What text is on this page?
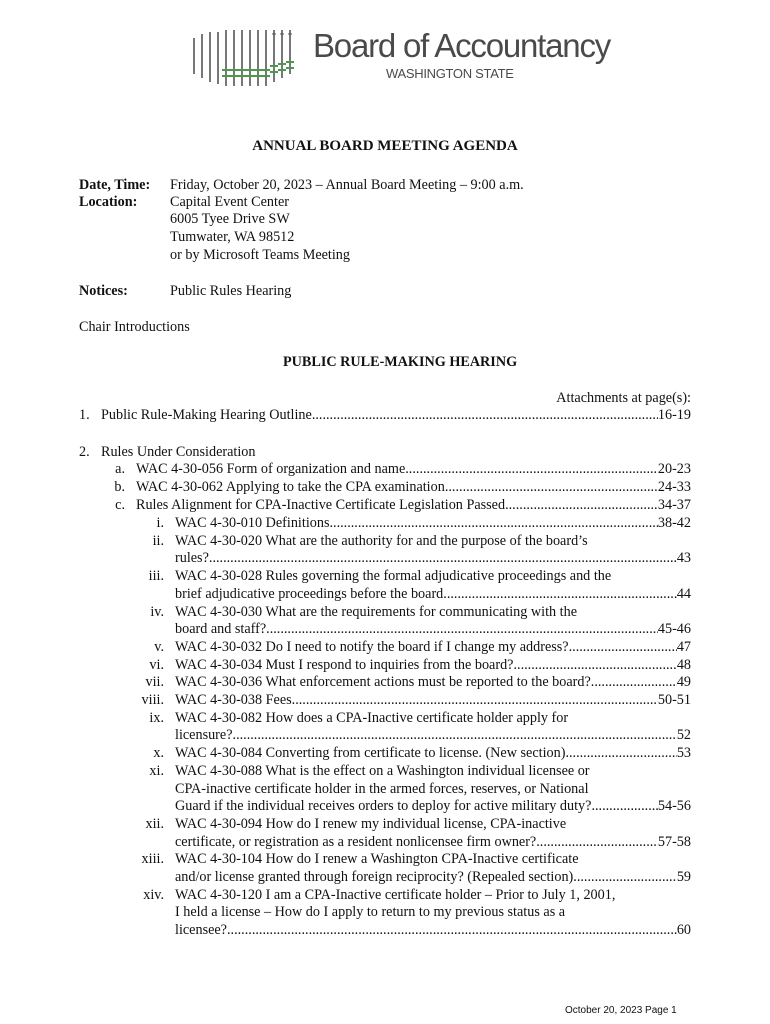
Board of Accountancy
WASHINGTON STATE
ANNUAL BOARD MEETING AGENDA
Date, Time: Friday, October 20, 2023 – Annual Board Meeting – 9:00 a.m.
Location: Capital Event Center
6005 Tyee Drive SW
Tumwater, WA 98512
or by Microsoft Teams Meeting
Notices:	Public Rules Hearing
Chair Introductions
PUBLIC RULE-MAKING HEARING
Attachments at page(s):
1. Public Rule-Making Hearing Outline .....	16-19
2. Rules Under Consideration
a. WAC 4-30-056 Form of organization and name. .....	20-23
b. WAC 4-30-062 Applying to take the CPA examination. .....	24-33
c. Rules Alignment for CPA-Inactive Certificate Legislation Passed .....	34-37
i. WAC 4-30-010 Definitions .....	38-42
ii. WAC 4-30-020 What are the authority for and the purpose of the board’s
rules? .....	43
iii. WAC 4-30-028 Rules governing the formal adjudicative proceedings and the
brief adjudicative proceedings before the board. .....	44
iv. WAC 4-30-030 What are the requirements for communicating with the
board and staff? .....	45-46
v. WAC 4-30-032 Do I need to notify the board if I change my address? .....	47
vi. WAC 4-30-034 Must I respond to inquiries from the board? .....	48
vii. WAC 4-30-036 What enforcement actions must be reported to the board? .....	49
viii. WAC 4-30-038 Fees .....	50-51
ix. WAC 4-30-082 How does a CPA-Inactive certificate holder apply for
licensure? .....	52
x. WAC 4-30-084 Converting from certificate to license. (New section) .....	53
xi. WAC 4-30-088 What is the effect on a Washington individual licensee or
CPA-inactive certificate holder in the armed forces, reserves, or National
Guard if the individual receives orders to deploy for active military duty? .....	54-56
xii. WAC 4-30-094 How do I renew my individual license, CPA-inactive
certificate, or registration as a resident nonlicensee firm owner? .....	57-58
xiii. WAC 4-30-104 How do I renew a Washington CPA-Inactive certificate
and/or license granted through foreign reciprocity? (Repealed section) .....	59
xiv. WAC 4-30-120 I am a CPA-Inactive certificate holder – Prior to July 1, 2001,
I held a license – How do I apply to return to my previous status as a
licensee? .....	60
October 20, 2023 Page 1
